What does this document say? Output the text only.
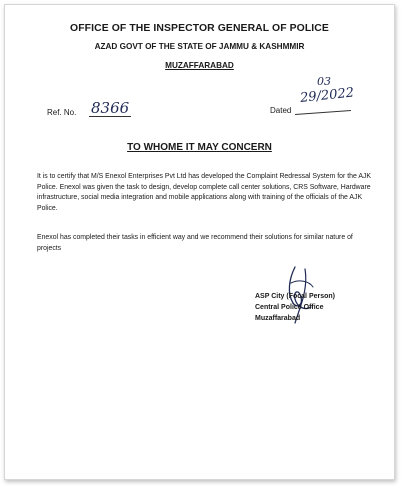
OFFICE OF THE INSPECTOR GENERAL OF POLICE
AZAD GOVT OF THE STATE OF JAMMU & KASHMMIR
MUZAFFARABAD
Ref. No. 8366	Dated
03
29/2022
TO WHOME IT MAY CONCERN
It is to certify that M/S Enexol Enterprises Pvt Ltd has developed the Complaint Redressal System for the AJK Police. Enexol was given the task to design, develop complete call center solutions, CRS Software, Hardware infrastructure, social media integration and mobile applications along with training of the officials of the AJK Police.
Enexol has completed their tasks in efficient way and we recommend their solutions for similar nature of projects
ASP City (Focal Person)
Central Police Office
Muzaffarabad
